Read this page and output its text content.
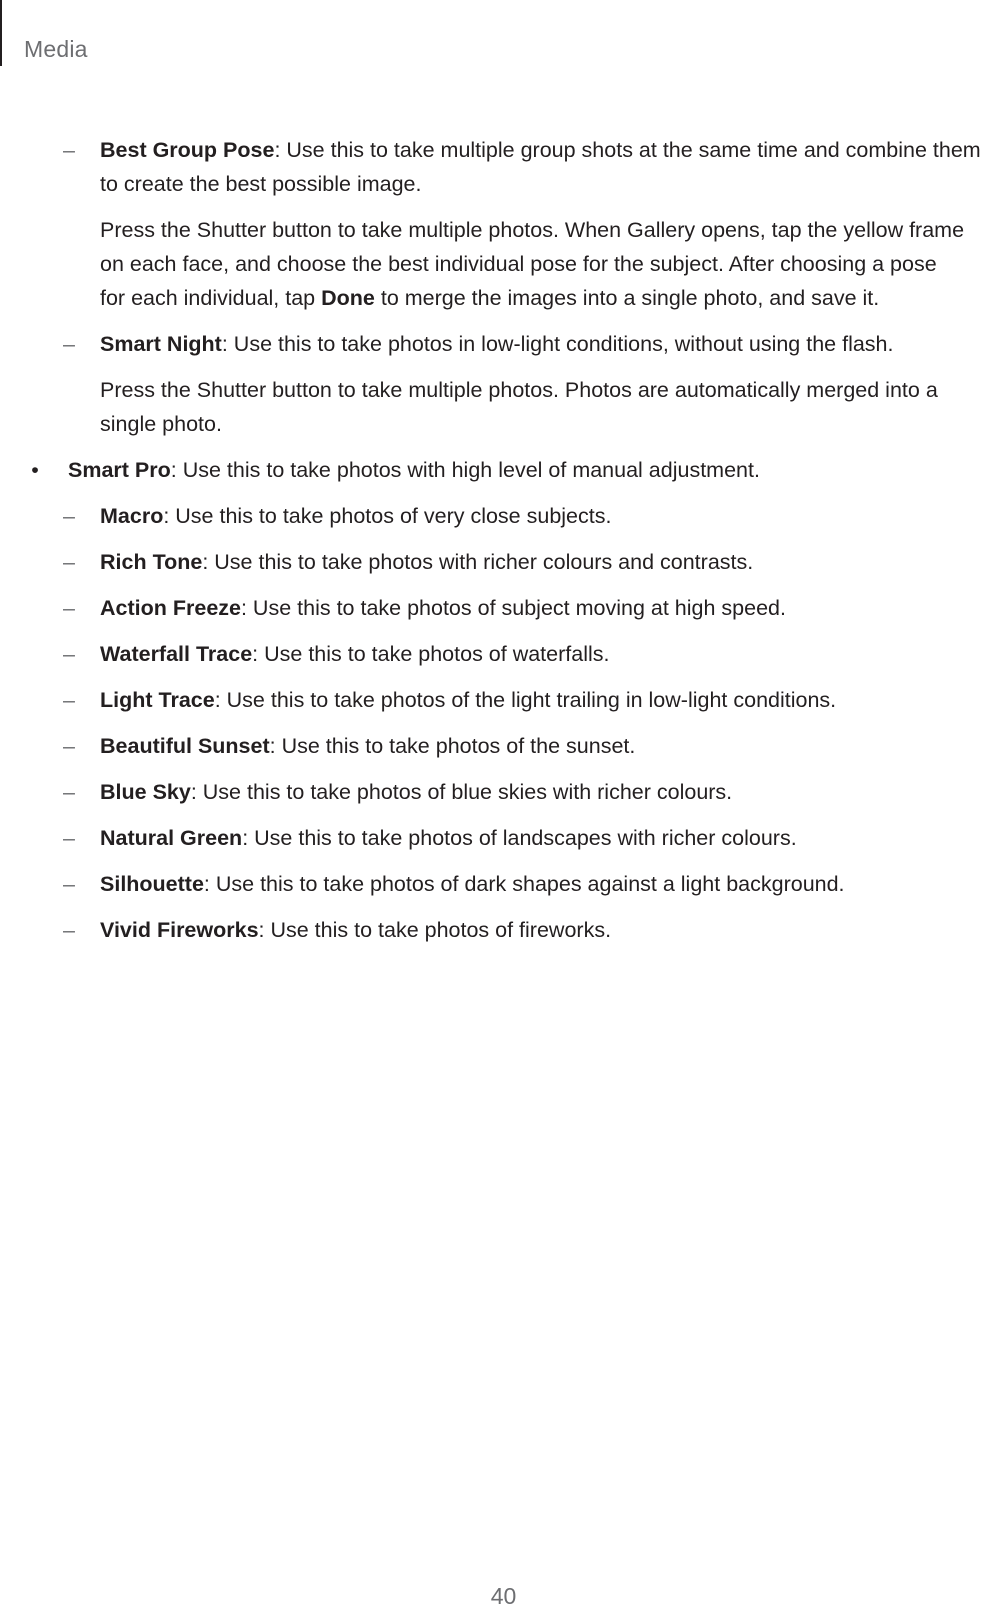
Media
– Best Group Pose: Use this to take multiple group shots at the same time and combine them to create the best possible image.
Press the Shutter button to take multiple photos. When Gallery opens, tap the yellow frame on each face, and choose the best individual pose for the subject. After choosing a pose for each individual, tap Done to merge the images into a single photo, and save it.
– Smart Night: Use this to take photos in low-light conditions, without using the flash.
Press the Shutter button to take multiple photos. Photos are automatically merged into a single photo.
• Smart Pro: Use this to take photos with high level of manual adjustment.
– Macro: Use this to take photos of very close subjects.
– Rich Tone: Use this to take photos with richer colours and contrasts.
– Action Freeze: Use this to take photos of subject moving at high speed.
– Waterfall Trace: Use this to take photos of waterfalls.
– Light Trace: Use this to take photos of the light trailing in low-light conditions.
– Beautiful Sunset: Use this to take photos of the sunset.
– Blue Sky: Use this to take photos of blue skies with richer colours.
– Natural Green: Use this to take photos of landscapes with richer colours.
– Silhouette: Use this to take photos of dark shapes against a light background.
– Vivid Fireworks: Use this to take photos of fireworks.
40
